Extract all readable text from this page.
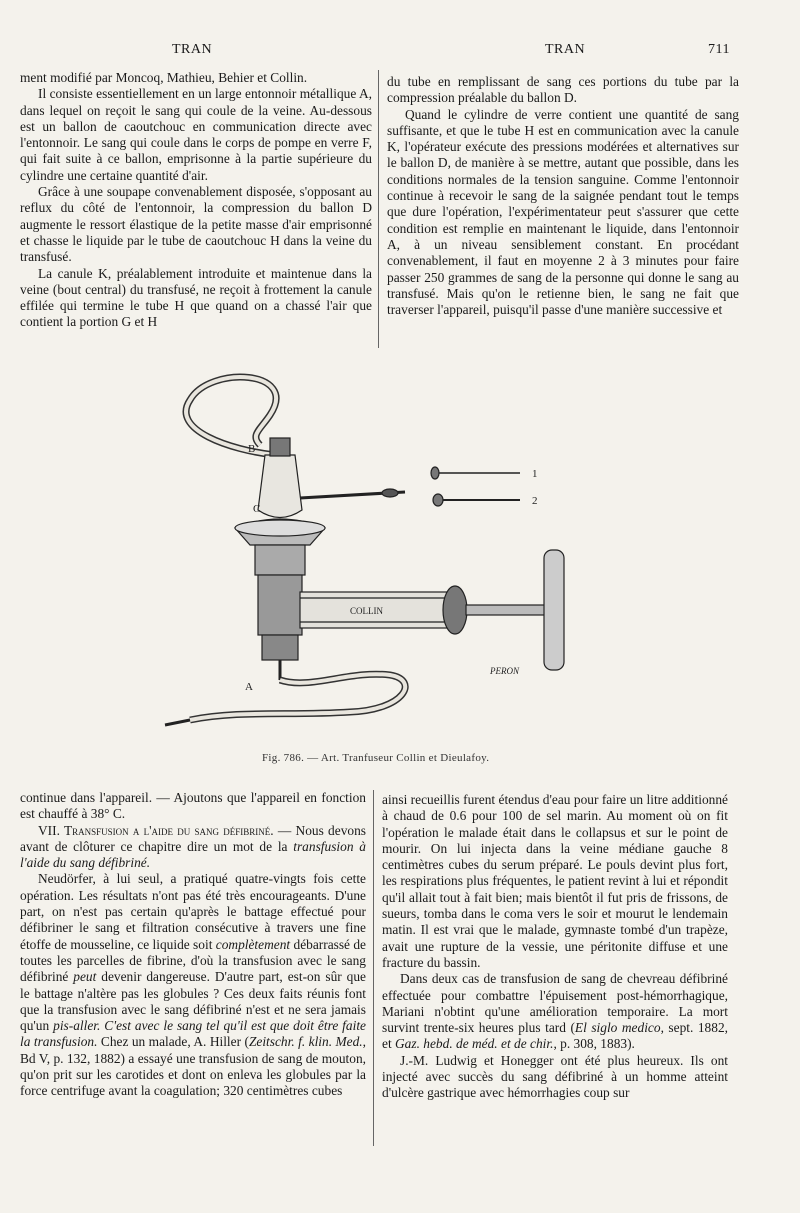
TRAN	TRAN	711

ment modifié par Moncoq, Mathieu, Behier et Collin.

Il consiste essentiellement en un large entonnoir métallique A, dans lequel on reçoit le sang qui coule de la veine. Au-dessous est un ballon de caoutchouc en communication directe avec l'entonnoir. Le sang qui coule dans le corps de pompe en verre F, qui fait suite à ce ballon, emprisonne à la partie supérieure du cylindre une certaine quantité d'air.

Grâce à une soupape convenablement disposée, s'opposant au reflux du côté de l'entonnoir, la compression du ballon D augmente le ressort élastique de la petite masse d'air emprisonné et chasse le liquide par le tube de caoutchouc H dans la veine du transfusé.

La canule K, préalablement introduite et maintenue dans la veine (bout central) du transfusé, ne reçoit à frottement la canule effilée qui termine le tube H que quand on a chassé l'air que contient la portion G et H

du tube en remplissant de sang ces portions du tube par la compression préalable du ballon D.

Quand le cylindre de verre contient une quantité de sang suffisante, et que le tube H est en communication avec la canule K, l'opérateur exécute des pressions modérées et alternatives sur le ballon D, de manière à se mettre, autant que possible, dans les conditions normales de la tension sanguine. Comme l'entonnoir continue à recevoir le sang de la saignée pendant tout le temps que dure l'opération, l'expérimentateur peut s'assurer que cette condition est remplie en maintenant le liquide, dans l'entonnoir A, à un niveau sensiblement constant. En procédant convenablement, il faut en moyenne 2 à 3 minutes pour faire passer 250 grammes de sang de la personne qui donne le sang au transfusé. Mais qu'on le retienne bien, le sang ne fait que traverser l'appareil, puisqu'il passe d'une manière successive et

B
C
A
1
2
COLLIN
PERON
Fig. 786. — Art. Tranfuseur Collin et Dieulafoy.

continue dans l'appareil. — Ajoutons que l'appareil en fonction est chauffé à 38° C.

VII. Transfusion a l'aide du sang défibriné. — Nous devons avant de clôturer ce chapitre dire un mot de la transfusion à l'aide du sang défibriné.

Neudörfer, à lui seul, a pratiqué quatre-vingts fois cette opération. Les résultats n'ont pas été très encourageants. D'une part, on n'est pas certain qu'après le battage effectué pour défibriner le sang et filtration consécutive à travers une fine étoffe de mousseline, ce liquide soit complètement débarrassé de toutes les parcelles de fibrine, d'où la transfusion avec le sang défibriné peut devenir dangereuse. D'autre part, est-on sûr que le battage n'altère pas les globules ? Ces deux faits réunis font que la transfusion avec le sang défibriné n'est et ne sera jamais qu'un pis-aller. C'est avec le sang tel qu'il est que doit être faite la transfusion. Chez un malade, A. Hiller (Zeitschr. f. klin. Med., Bd V, p. 132, 1882) a essayé une transfusion de sang de mouton, qu'on prit sur les carotides et dont on enleva les globules par la force centrifuge avant la coagulation; 320 centimètres cubes

ainsi recueillis furent étendus d'eau pour faire un litre additionné à chaud de 0.6 pour 100 de sel marin. Au moment où on fit l'opération le malade était dans le collapsus et sur le point de mourir. On lui injecta dans la veine médiane gauche 8 centimètres cubes du serum préparé. Le pouls devint plus fort, les respirations plus fréquentes, le patient revint à lui et répondit qu'il allait tout à fait bien; mais bientôt il fut pris de frissons, de sueurs, tomba dans le coma vers le soir et mourut le lendemain matin. Il est vrai que le malade, gymnaste tombé d'un trapèze, avait une rupture de la vessie, une péritonite diffuse et une fracture du bassin.

Dans deux cas de transfusion de sang de chevreau défibriné effectuée pour combattre l'épuisement post-hémorrhagique, Mariani n'obtint qu'une amélioration temporaire. La mort survint trente-six heures plus tard (El siglo medico, sept. 1882, et Gaz. hebd. de méd. et de chir., p. 308, 1883).

J.-M. Ludwig et Honegger ont été plus heureux. Ils ont injecté avec succès du sang défibriné à un homme atteint d'ulcère gastrique avec hémorrhagies coup sur
